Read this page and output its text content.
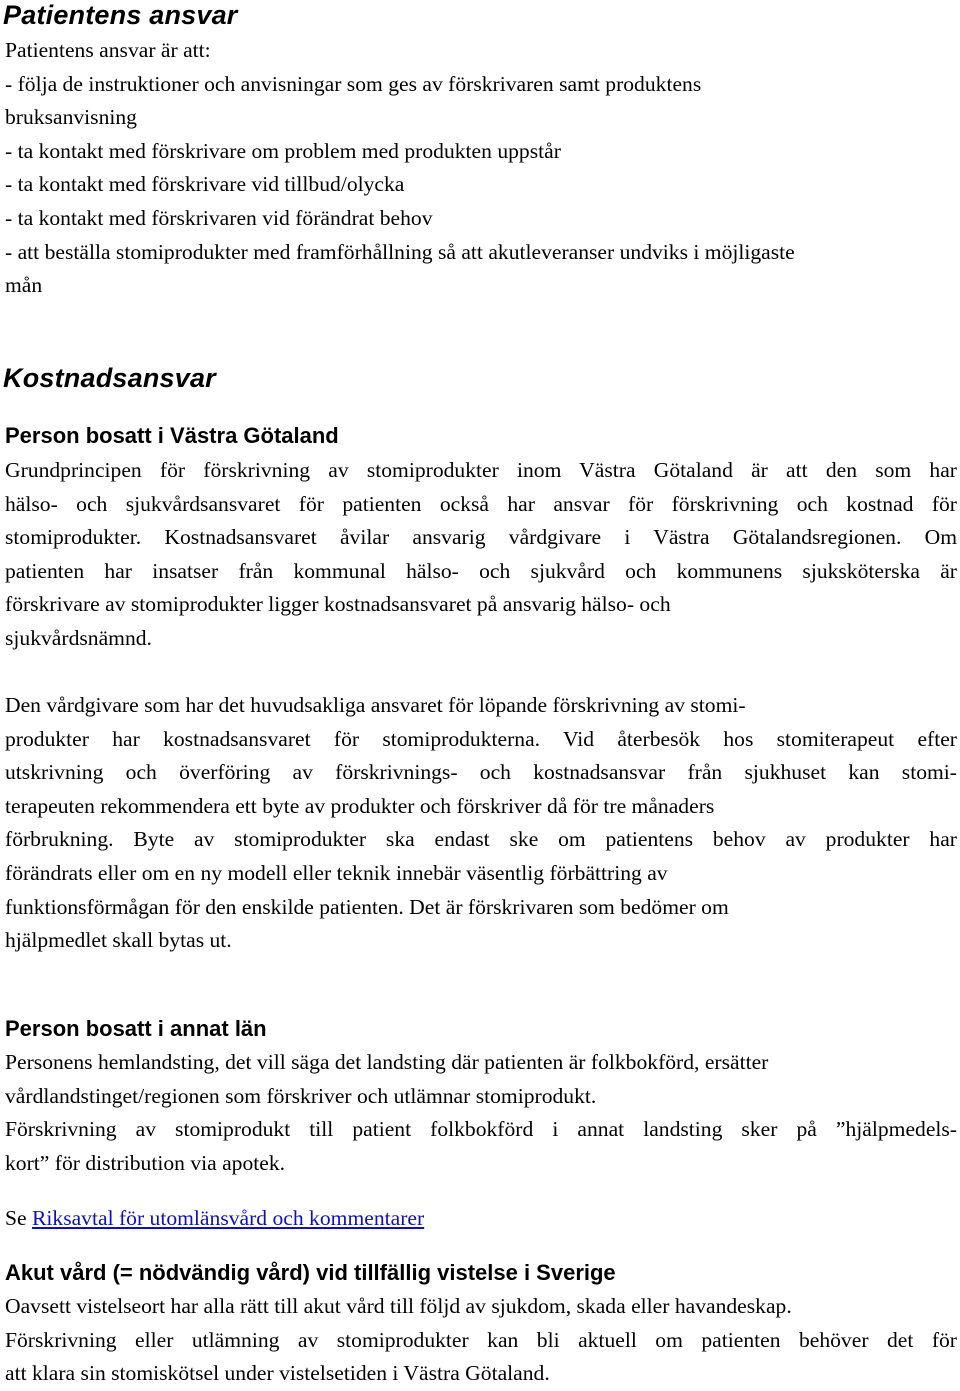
Patientens ansvar
Patientens ansvar är att:
- följa de instruktioner och anvisningar som ges av förskrivaren samt produktens
bruksanvisning
- ta kontakt med förskrivare om problem med produkten uppstår
- ta kontakt med förskrivare vid tillbud/olycka
- ta kontakt med förskrivaren vid förändrat behov
- att beställa stomiprodukter med framförhållning så att akutleveranser undviks i möjligaste
mån
Kostnadsansvar
Person bosatt i Västra Götaland
Grundprincipen för förskrivning av stomiprodukter inom Västra Götaland är att den som har
hälso- och sjukvårdsansvaret för patienten också har ansvar för förskrivning och kostnad för
stomiprodukter. Kostnadsansvaret åvilar ansvarig vårdgivare i Västra Götalandsregionen. Om
patienten har insatser från kommunal hälso- och sjukvård och kommunens sjuksköterska är
förskrivare av stomiprodukter ligger kostnadsansvaret på ansvarig hälso- och
sjukvårdsnämnd.
Den vårdgivare som har det huvudsakliga ansvaret för löpande förskrivning av stomi-
produkter har kostnadsansvaret för stomiprodukterna. Vid återbesök hos stomiterapeut efter
utskrivning och överföring av förskrivnings- och kostnadsansvar från sjukhuset kan stomi-
terapeuten rekommendera ett byte av produkter och förskriver då för tre månaders
förbrukning. Byte av stomiprodukter ska endast ske om patientens behov av produkter har
förändrats eller om en ny modell eller teknik innebär väsentlig förbättring av
funktionsförmågan för den enskilde patienten. Det är förskrivaren som bedömer om
hjälpmedlet skall bytas ut.
Person bosatt i annat län
Personens hemlandsting, det vill säga det landsting där patienten är folkbokförd, ersätter
vårdlandstinget/regionen som förskriver och utlämnar stomiprodukt.
Förskrivning av stomiprodukt till patient folkbokförd i annat landsting sker på ”hjälpmedels-
kort” för distribution via apotek.
Se Riksavtal för utomlänsvård och kommentarer
Akut vård (= nödvändig vård) vid tillfällig vistelse i Sverige
Oavsett vistelseort har alla rätt till akut vård till följd av sjukdom, skada eller havandeskap.
Förskrivning eller utlämning av stomiprodukter kan bli aktuell om patienten behöver det för
att klara sin stomiskötsel under vistelsetiden i Västra Götaland.
